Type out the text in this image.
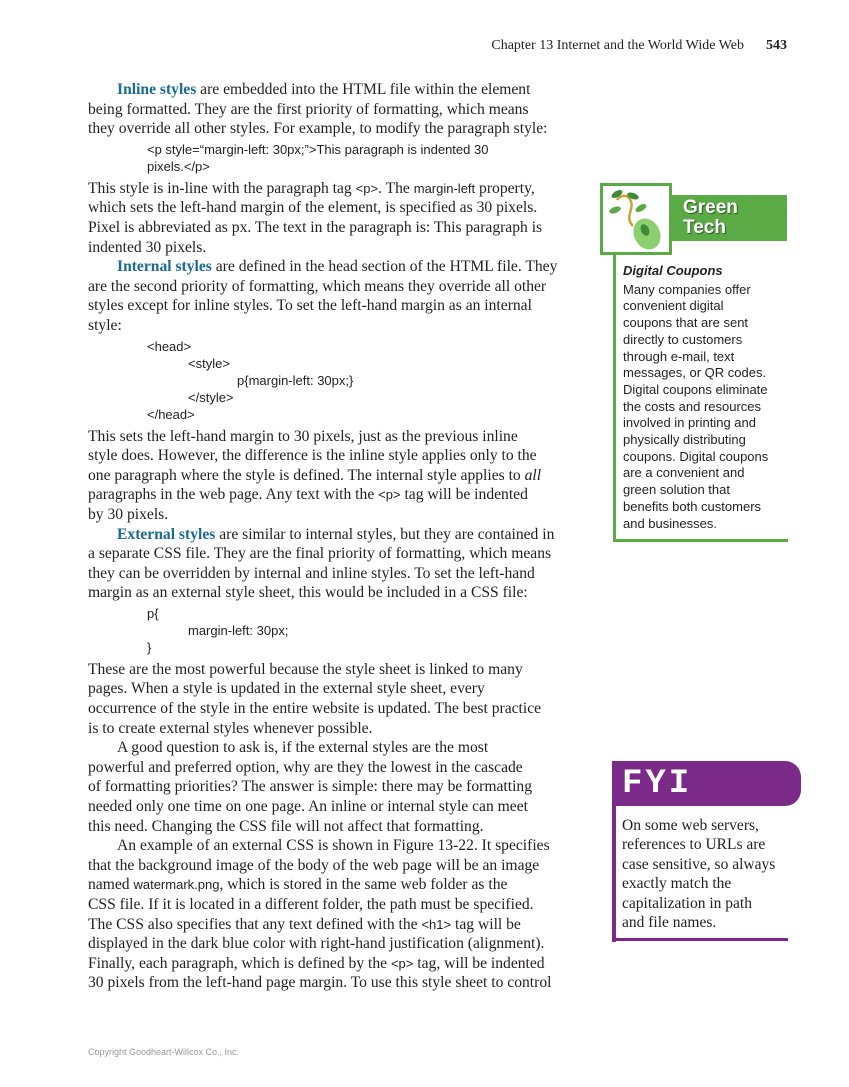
Chapter 13 Internet and the World Wide Web 543
Inline styles are embedded into the HTML file within the element
being formatted. They are the first priority of formatting, which means
they override all other styles. For example, to modify the paragraph style:
<p style=“margin-left: 30px;”>This paragraph is indented 30
pixels.</p>
This style is in-line with the paragraph tag <p>. The margin-left property,
which sets the left-hand margin of the element, is specified as 30 pixels.
Pixel is abbreviated as px. The text in the paragraph is: This paragraph is
indented 30 pixels.
Internal styles are defined in the head section of the HTML file. They
are the second priority of formatting, which means they override all other
styles except for inline styles. To set the left-hand margin as an internal
style:
<head>
<style>
p{margin-left: 30px;}
</style>
</head>
This sets the left-hand margin to 30 pixels, just as the previous inline
style does. However, the difference is the inline style applies only to the
one paragraph where the style is defined. The internal style applies to all
paragraphs in the web page. Any text with the <p> tag will be indented
by 30 pixels.
External styles are similar to internal styles, but they are contained in
a separate CSS file. They are the final priority of formatting, which means
they can be overridden by internal and inline styles. To set the left-hand
margin as an external style sheet, this would be included in a CSS file:
p{
margin-left: 30px;
}
These are the most powerful because the style sheet is linked to many
pages. When a style is updated in the external style sheet, every
occurrence of the style in the entire website is updated. The best practice
is to create external styles whenever possible.
A good question to ask is, if the external styles are the most
powerful and preferred option, why are they the lowest in the cascade
of formatting priorities? The answer is simple: there may be formatting
needed only one time on one page. An inline or internal style can meet
this need. Changing the CSS file will not affect that formatting.
An example of an external CSS is shown in Figure 13-22. It specifies
that the background image of the body of the web page will be an image
named watermark.png, which is stored in the same web folder as the
CSS file. If it is located in a different folder, the path must be specified.
The CSS also specifies that any text defined with the <h1> tag will be
displayed in the dark blue color with right-hand justification (alignment).
Finally, each paragraph, which is defined by the <p> tag, will be indented
30 pixels from the left-hand page margin. To use this style sheet to control
Green
Tech
Digital Coupons
Many companies offer
convenient digital
coupons that are sent
directly to customers
through e-mail, text
messages, or QR codes.
Digital coupons eliminate
the costs and resources
involved in printing and
physically distributing
coupons. Digital coupons
are a convenient and
green solution that
benefits both customers
and businesses.
FYI
On some web servers,
references to URLs are
case sensitive, so always
exactly match the
capitalization in path
and file names.
Copyright Goodheart-Willcox Co., Inc.
